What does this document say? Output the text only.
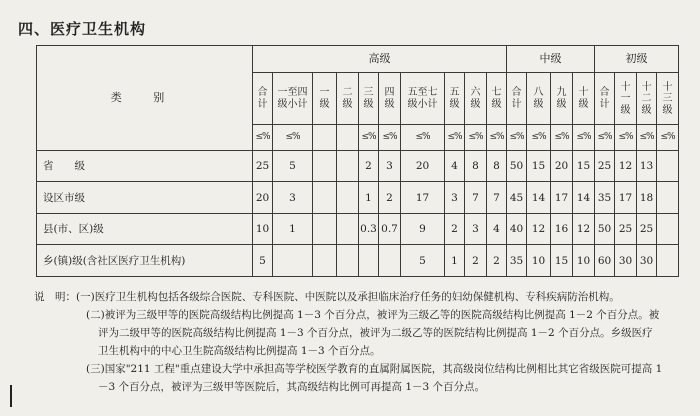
四、医疗卫生机构
类 别	高级										中级				初级			
	合计	一至四级小计	一级	二级	三级	四级	五至七级小计	五级	六级	七级	合计	八级	九级	十级	合计	十一级	十二级	十三级
	≤%	≤%			≤%	≤%	≤%	≤%	≤%	≤%	≤%	≤%	≤%	≤%	≤%	≤%	≤%	≤%
省　　级	25	5			2	3	20	4	8	8	50	15	20	15	25	12	13	
设区市级	20	3			1	2	17	3	7	7	45	14	17	14	35	17	18	
县(市、区)级	10	1			0.3	0.7	9	2	3	4	40	12	16	12	50	25	25	
乡(镇)级(含社区医疗卫生机构)	5						5	1	2	2	35	10	15	10	60	30	30	
说　明：(一)医疗卫生机构包括各级综合医院、专科医院、中医院以及承担临床治疗任务的妇幼保健机构、专科疾病防治机构。
(二)被评为三级甲等的医院高级结构比例提高 1－3 个百分点，被评为三级乙等的医院高级结构比例提高 1－2 个百分点。被
评为二级甲等的医院高级结构比例提高 1－3 个百分点，被评为二级乙等的医院结构比例提高 1－2 个百分点。乡级医疗
卫生机构中的中心卫生院高级结构比例提高 1－3 个百分点。
(三)国家"211 工程"重点建设大学中承担高等学校医学教育的直属附属医院，其高级岗位结构比例相比其它省级医院可提高 1
－3 个百分点，被评为三级甲等医院后，其高级结构比例可再提高 1－3 个百分点。
